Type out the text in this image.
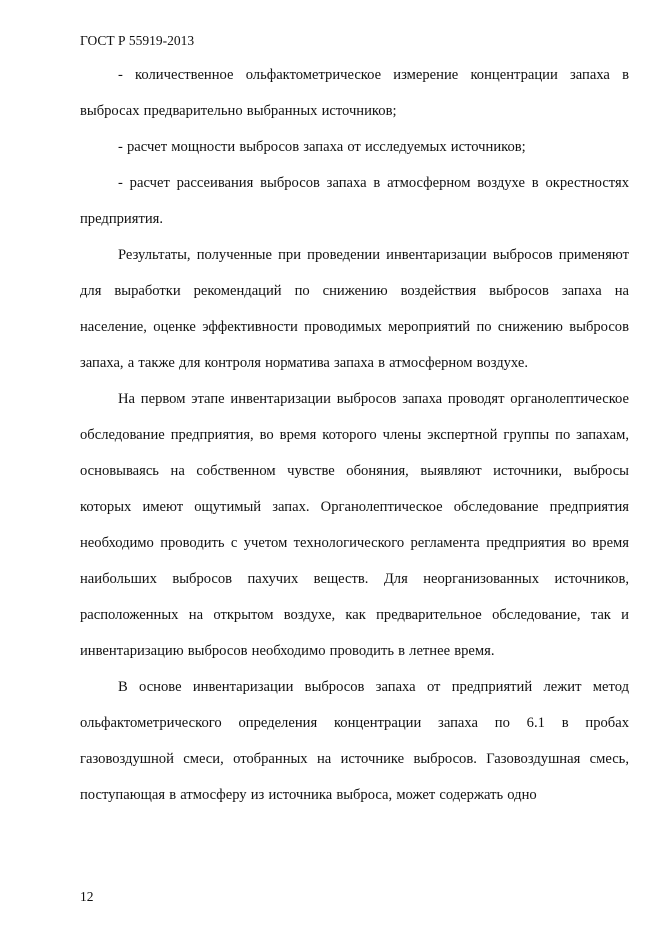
ГОСТ Р 55919-2013

- количественное ольфактометрическое измерение концентрации запаха в выбросах предварительно выбранных источников;

- расчет мощности выбросов запаха от исследуемых источников;

- расчет рассеивания выбросов запаха в атмосферном воздухе в окрестностях предприятия.

Результаты, полученные при проведении инвентаризации выбросов применяют для выработки рекомендаций по снижению воздействия выбросов запаха на население, оценке эффективности проводимых мероприятий по снижению выбросов запаха, а также для контроля норматива запаха в атмосферном воздухе.

На первом этапе инвентаризации выбросов запаха проводят органолептическое обследование предприятия, во время которого члены экспертной группы по запахам, основываясь на собственном чувстве обоняния, выявляют источники, выбросы которых имеют ощутимый запах. Органолептическое обследование предприятия необходимо проводить с учетом технологического регламента предприятия во время наибольших выбросов пахучих веществ. Для неорганизованных источников, расположенных на открытом воздухе, как предварительное обследование, так и инвентаризацию выбросов необходимо проводить в летнее время.

В основе инвентаризации выбросов запаха от предприятий лежит метод ольфактометрического определения концентрации запаха по 6.1 в пробах газовоздушной смеси, отобранных на источнике выбросов. Газовоздушная смесь, поступающая в атмосферу из источника выброса, может содержать одно

12
